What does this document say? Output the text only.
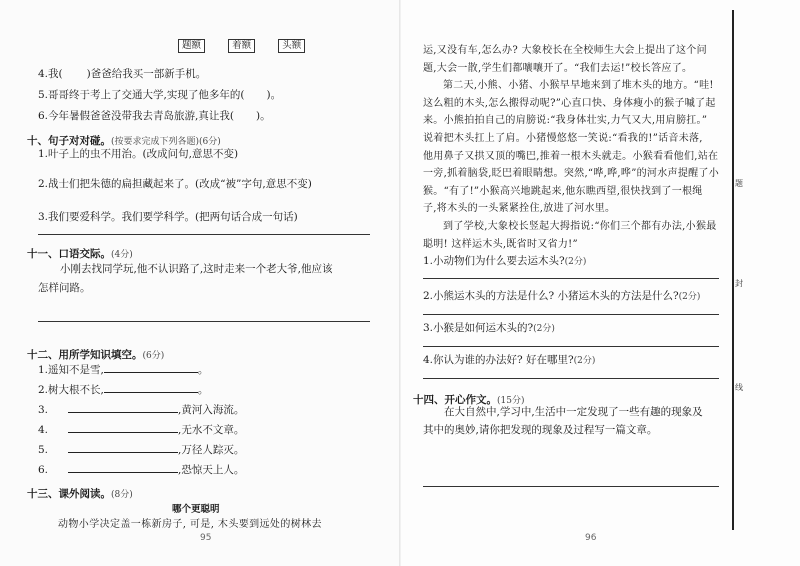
题额	着额	头额
4.我( )爸爸给我买一部新手机。
5.哥哥终于考上了交通大学,实现了他多年的( )。
6.今年暑假爸爸没带我去青岛旅游,真让我( )。
十、句子对对碰。(按要求完成下列各题)(6分)
1.叶子上的虫不用治。(改成问句,意思不变)
2.战士们把朱德的扁担藏起来了。(改成“被”字句,意思不变)
3.我们要爱科学。我们要学科学。(把两句话合成一句话)
十一、口语交际。(4分)
小刚去找同学玩,他不认识路了,这时走来一个老大爷,他应该
怎样问路。
十二、用所学知识填空。(6分)
1.遥知不是雪,	。
2.树大根不长,	。
3.	,黄河入海流。
4.	,无水不文章。
5.	,万径人踪灭。
6.	,恐惊天上人。
十三、课外阅读。(8分)
哪个更聪明
动物小学决定盖一栋新房子, 可是, 木头要到远处的树林去
95
运,又没有车,怎么办? 大象校长在全校师生大会上提出了这个问
题,大会一散,学生们都嚷嚷开了。“我们去运!”校长答应了。
第二天,小熊、小猪、小猴早早地来到了堆木头的地方。“哇!
这么粗的木头,怎么搬得动呢?”心直口快、身体瘦小的猴子嘁了起
来。小熊拍拍自己的肩膀说:“我身体壮实,力气又大,用肩膀扛。”
说着把木头扛上了肩。小猪慢悠悠一笑说:“看我的!”话音未落,
他用鼻子又拱又顶的嘴巴,推着一根木头就走。小猴看看他们,站在
一旁,抓着脑袋,眨巴着眼睛想。突然,“哗,哗,哗”的河水声提醒了小
猴。“有了!”小猴高兴地跳起来,他东瞧西望,很快找到了一根绳
子,将木头的一头紧紧拴住,放进了河水里。
到了学校,大象校长竖起大拇指说:“你们三个都有办法,小猴最
聪明! 这样运木头,既省时又省力!”
1.小动物们为什么要去运木头?(2分)
2.小熊运木头的方法是什么? 小猪运木头的方法是什么?(2分)
3.小猴是如何运木头的?(2分)
4.你认为谁的办法好? 好在哪里?(2分)
十四、开心作文。(15分)
在大自然中,学习中,生活中一定发现了一些有趣的现象及
其中的奥妙,请你把发现的现象及过程写一篇文章。
96
题
封
线
